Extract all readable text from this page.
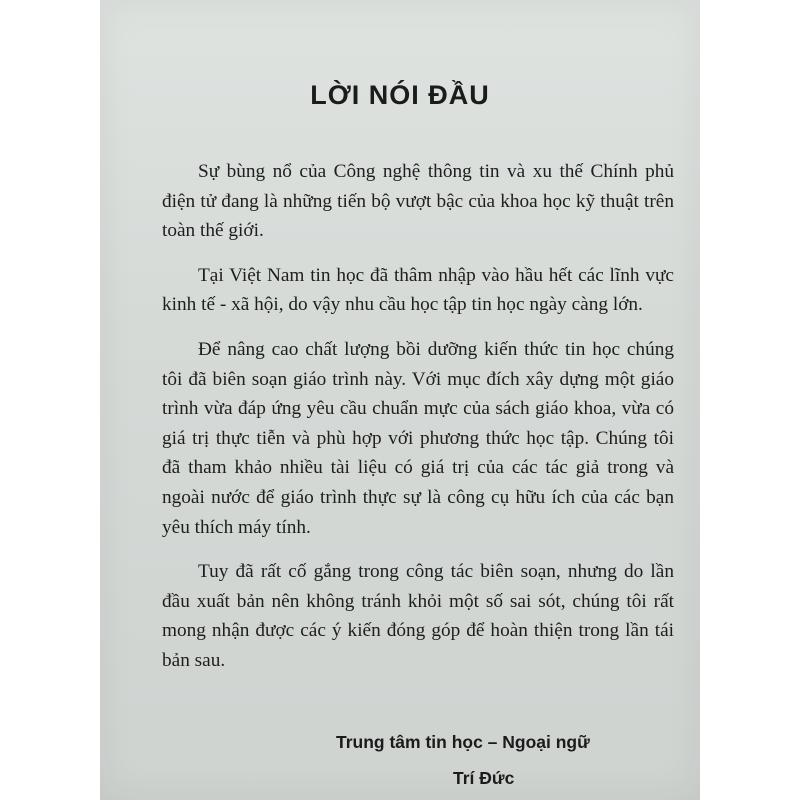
LỜI NÓI ĐẦU

Sự bùng nổ của Công nghệ thông tin và xu thế Chính phủ điện tử đang là những tiến bộ vượt bậc của khoa học kỹ thuật trên toàn thế giới.

Tại Việt Nam tin học đã thâm nhập vào hầu hết các lĩnh vực kinh tế - xã hội, do vậy nhu cầu học tập tin học ngày càng lớn.

Để nâng cao chất lượng bồi dưỡng kiến thức tin học chúng tôi đã biên soạn giáo trình này. Với mục đích xây dựng một giáo trình vừa đáp ứng yêu cầu chuẩn mực của sách giáo khoa, vừa có giá trị thực tiễn và phù hợp với phương thức học tập. Chúng tôi đã tham khảo nhiều tài liệu có giá trị của các tác giả trong và ngoài nước để giáo trình thực sự là công cụ hữu ích của các bạn yêu thích máy tính.

Tuy đã rất cố gắng trong công tác biên soạn, nhưng do lần đầu xuất bản nên không tránh khỏi một số sai sót, chúng tôi rất mong nhận được các ý kiến đóng góp để hoàn thiện trong lần tái bản sau.

Trung tâm tin học – Ngoại ngữ
Trí Đức
